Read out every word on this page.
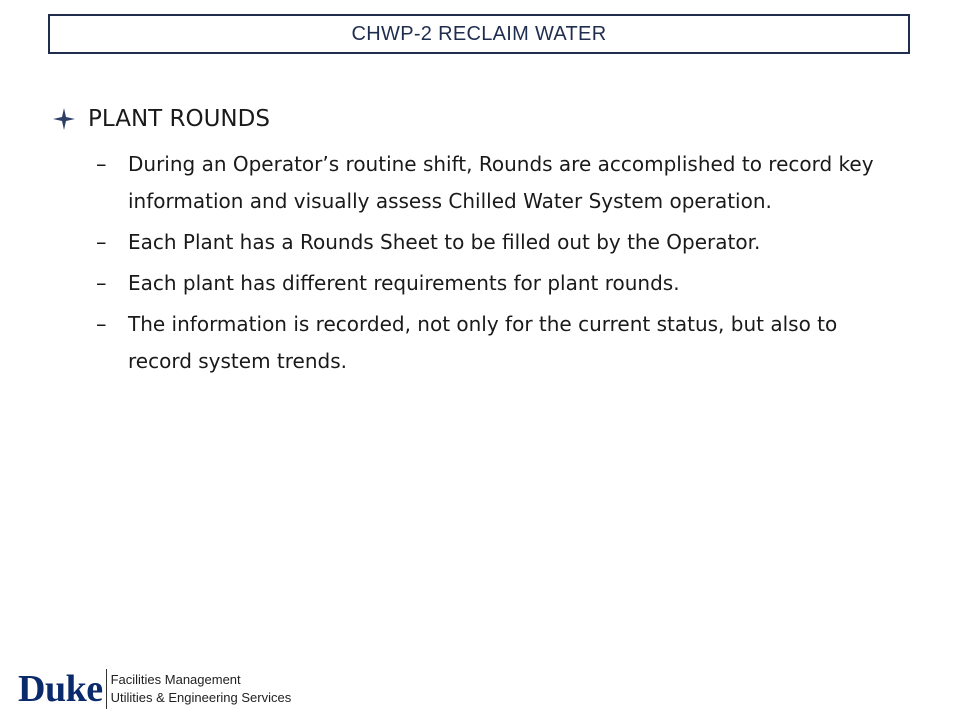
CHWP-2 RECLAIM WATER
PLANT ROUNDS
–	During an Operator’s routine shift, Rounds are accomplished to record key information and visually assess Chilled Water System operation.
–	Each Plant has a Rounds Sheet to be filled out by the Operator.
–	Each plant has different requirements for plant rounds.
–	The information is recorded, not only for the current status, but also to record system trends.
Duke Facilities Management
Utilities & Engineering Services
